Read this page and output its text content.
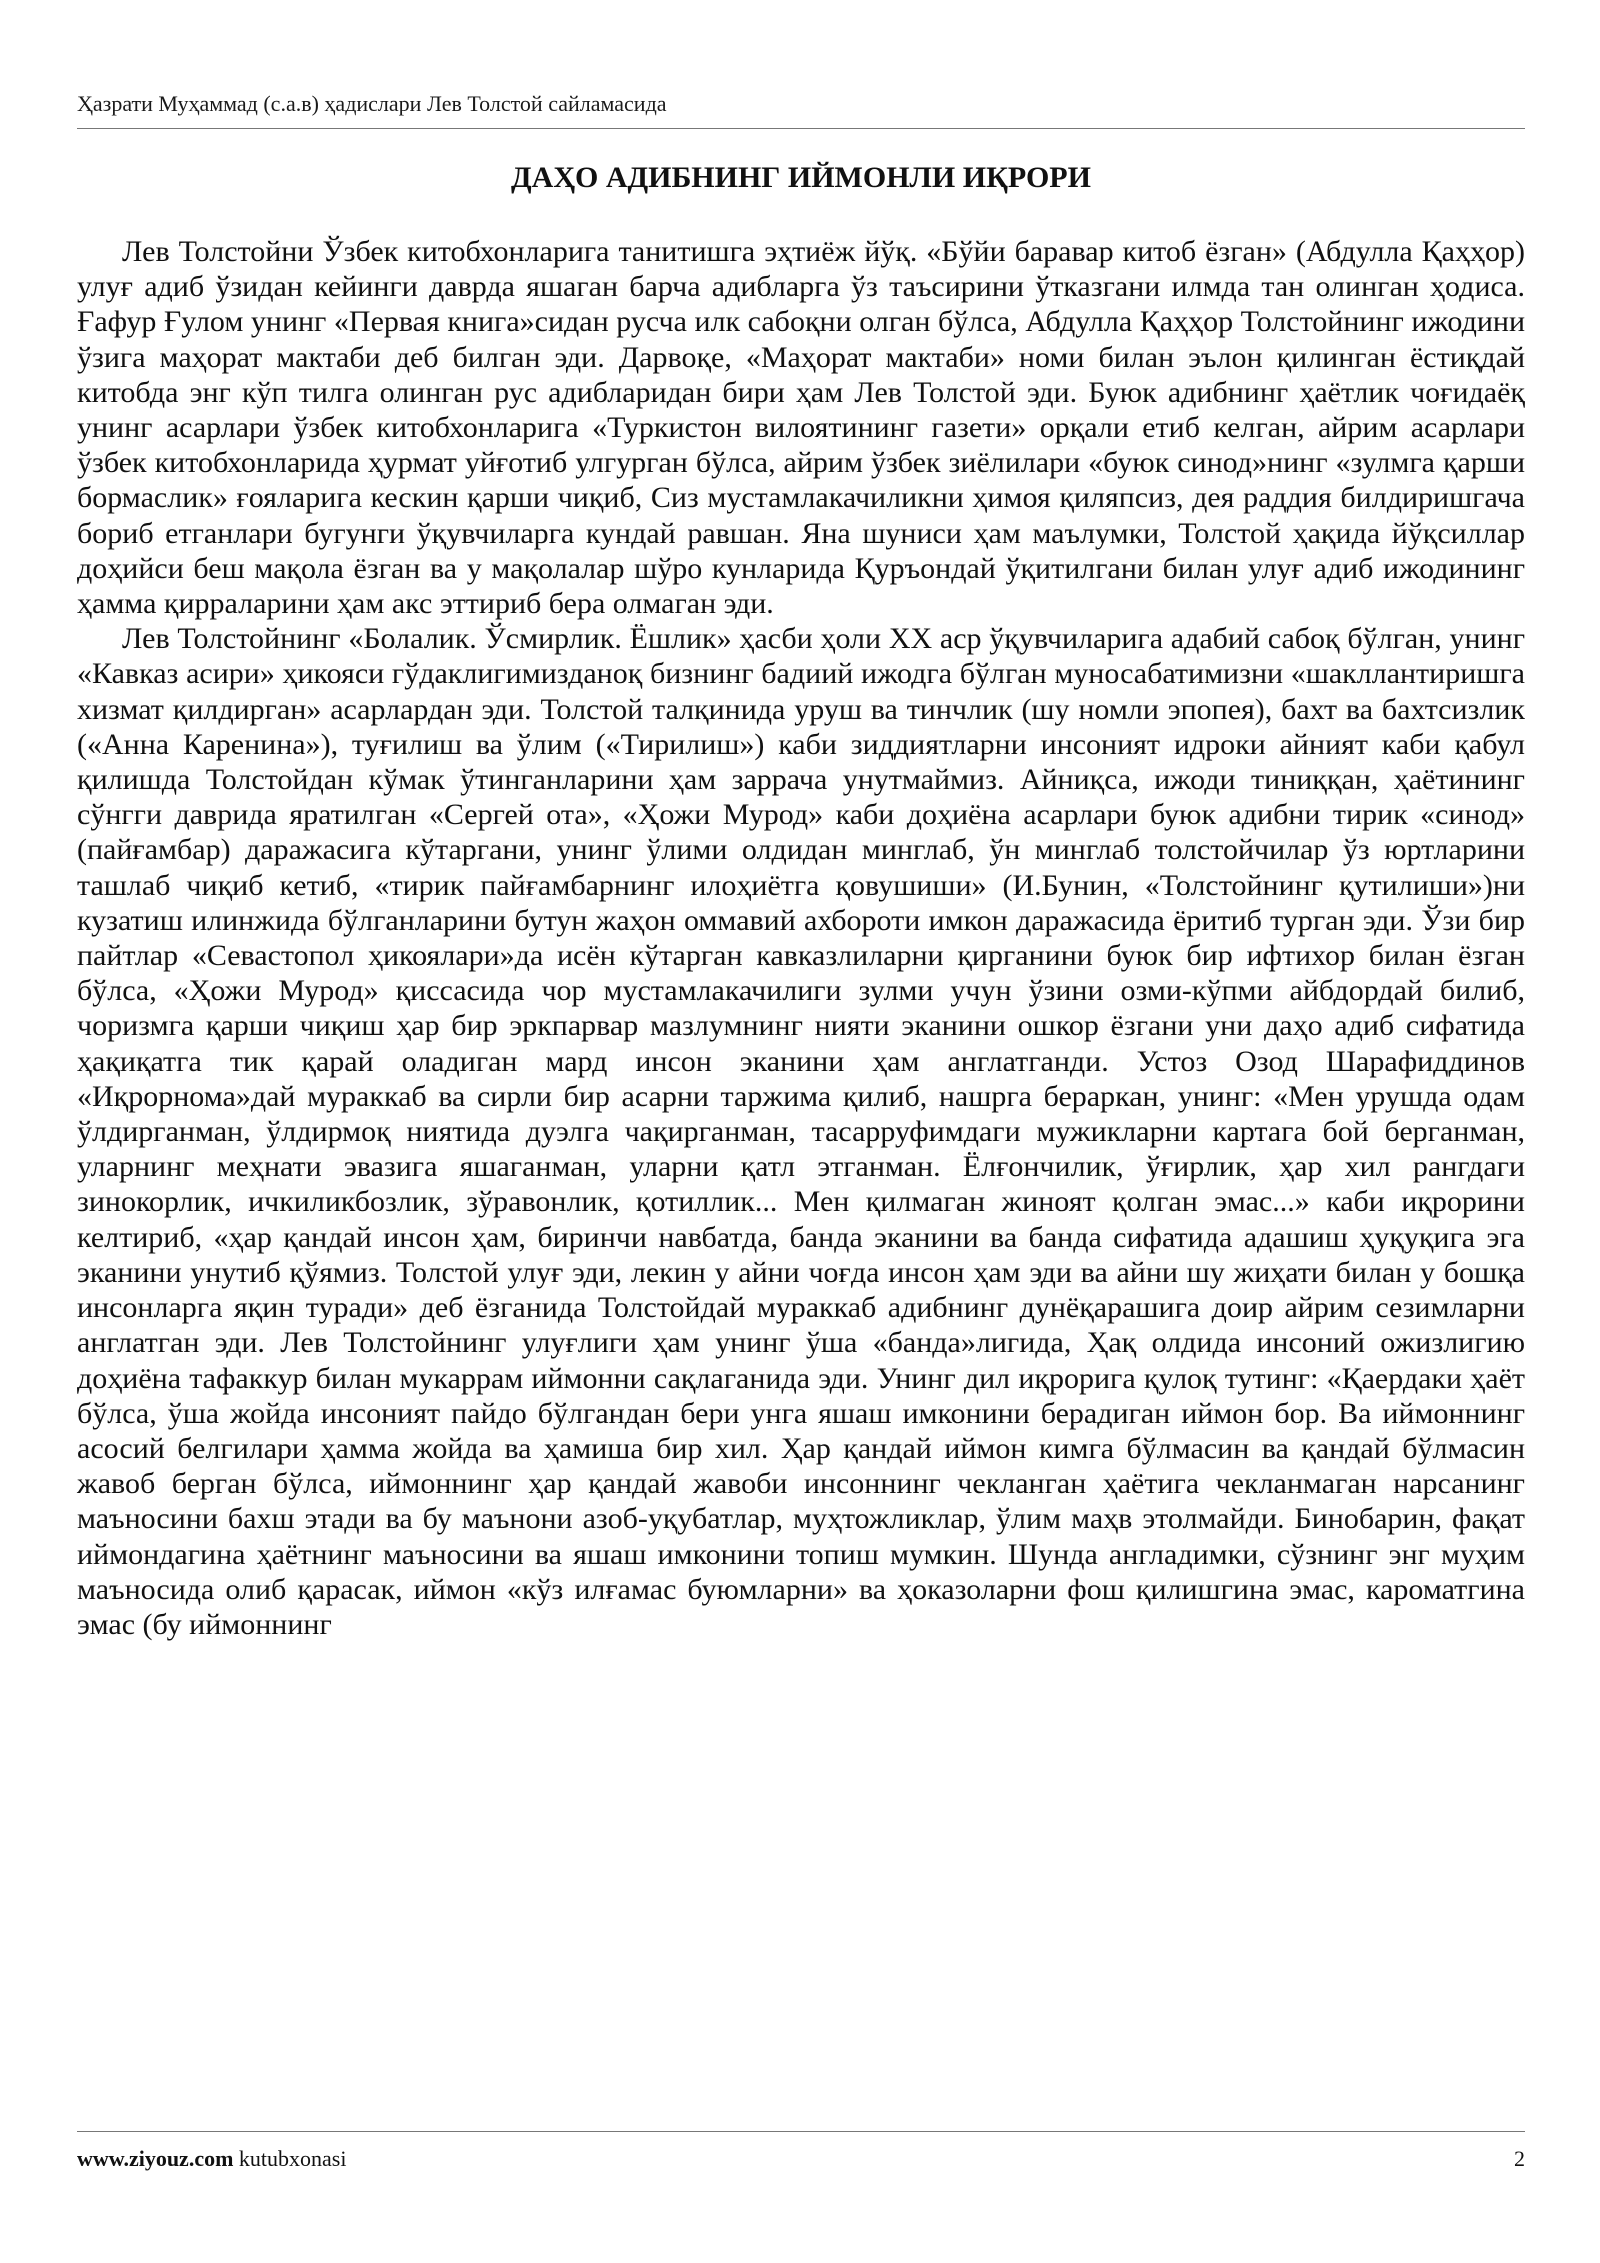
Ҳазрати Муҳаммад (с.а.в) ҳадислари Лев Толстой сайламасида
ДАҲО АДИБНИНГ ИЙМОНЛИ ИҚРОРИ

Лев Толстойни Ўзбек китобхонларига танитишга эҳтиёж йўқ. «Бўйи баравар китоб ёзган» (Абдулла Қаҳҳор) улуғ адиб ўзидан кейинги даврда яшаган барча адибларга ўз таъсирини ўтказгани илмда тан олинган ҳодиса. Ғафур Ғулом унинг «Первая книга»сидан русча илк сабоқни олган бўлса, Абдулла Қаҳҳор Толстойнинг ижодини ўзига маҳорат мактаби деб билган эди. Дарвоқе, «Маҳорат мактаби» номи билан эълон қилинган ёстиқдай китобда энг кўп тилга олинган рус адибларидан бири ҳам Лев Толстой эди. Буюк адибнинг ҳаётлик чоғидаёқ унинг асарлари ўзбек китобхонларига «Туркистон вилоятининг газети» орқали етиб келган, айрим асарлари ўзбек китобхонларида ҳурмат уйғотиб улгурган бўлса, айрим ўзбек зиёлилари «буюк синод»нинг «зулмга қарши бормаслик» ғояларига кескин қарши чиқиб, Сиз мустамлакачиликни ҳимоя қиляпсиз, дея раддия билдиришгача бориб етганлари бугунги ўқувчиларга кундай равшан. Яна шуниси ҳам маълумки, Толстой ҳақида йўқсиллар доҳийси беш мақола ёзган ва у мақолалар шўро кунларида Қуръондай ўқитилгани билан улуғ адиб ижодининг ҳамма қирраларини ҳам акс эттириб бера олмаган эди.

Лев Толстойнинг «Болалик. Ўсмирлик. Ёшлик» ҳасби ҳоли ХХ аср ўқувчиларига адабий сабоқ бўлган, унинг «Кавказ асири» ҳикояси гўдаклигимизданоқ бизнинг бадиий ижодга бўлган муносабатимизни «шакллантиришга хизмат қилдирган» асарлардан эди. Толстой талқинида уруш ва тинчлик (шу номли эпопея), бахт ва бахтсизлик («Анна Каренина»), туғилиш ва ўлим («Тирилиш») каби зиддиятларни инсоният идроки айният каби қабул қилишда Толстойдан кўмак ўтинганларини ҳам заррача унутмаймиз. Айниқса, ижоди тиниққан, ҳаётининг сўнгги даврида яратилган «Сергей ота», «Ҳожи Мурод» каби доҳиёна асарлари буюк адибни тирик «синод» (пайғамбар) даражасига кўтаргани, унинг ўлими олдидан минглаб, ўн минглаб толстойчилар ўз юртларини ташлаб чиқиб кетиб, «тирик пайғамбарнинг илоҳиётга қовушиши» (И.Бунин, «Толстойнинг қутилиши»)ни кузатиш илинжида бўлганларини бутун жаҳон оммавий ахбороти имкон даражасида ёритиб турган эди. Ўзи бир пайтлар «Севастопол ҳикоялари»да исён кўтарган кавказлиларни қирганини буюк бир ифтихор билан ёзган бўлса, «Ҳожи Мурод» қиссасида чор мустамлакачилиги зулми учун ўзини озми-кўпми айбдордай билиб, чоризмга қарши чиқиш ҳар бир эркпарвар мазлумнинг нияти эканини ошкор ёзгани уни даҳо адиб сифатида ҳақиқатга тик қарай оладиган мард инсон эканини ҳам англатганди. Устоз Озод Шарафиддинов «Иқрорнома»дай мураккаб ва сирли бир асарни таржима қилиб, нашрга бераркан, унинг: «Мен урушда одам ўлдирганман, ўлдирмоқ ниятида дуэлга чақирганман, тасарруфимдаги мужикларни картага бой берганман, уларнинг меҳнати эвазига яшаганман, уларни қатл этганман. Ёлғончилик, ўғирлик, ҳар хил рангдаги зинокорлик, ичкиликбозлик, зўравонлик, қотиллик... Мен қилмаган жиноят қолган эмас...» каби иқрорини келтириб, «ҳар қандай инсон ҳам, биринчи навбатда, банда эканини ва банда сифатида адашиш ҳуқуқига эга эканини унутиб қўямиз. Толстой улуғ эди, лекин у айни чоғда инсон ҳам эди ва айни шу жиҳати билан у бошқа инсонларга яқин туради» деб ёзганида Толстойдай мураккаб адибнинг дунёқарашига доир айрим сезимларни англатган эди. Лев Толстойнинг улуғлиги ҳам унинг ўша «банда»лигида, Ҳақ олдида инсоний ожизлигию доҳиёна тафаккур билан мукаррам иймонни сақлаганида эди. Унинг дил иқрорига қулоқ тутинг: «Қаердаки ҳаёт бўлса, ўша жойда инсоният пайдо бўлгандан бери унга яшаш имконини берадиган иймон бор. Ва иймоннинг асосий белгилари ҳамма жойда ва ҳамиша бир хил. Ҳар қандай иймон кимга бўлмасин ва қандай бўлмасин жавоб берган бўлса, иймоннинг ҳар қандай жавоби инсоннинг чекланган ҳаётига чекланмаган нарсанинг маъносини бахш этади ва бу маънони азоб-уқубатлар, муҳтожликлар, ўлим маҳв этолмайди. Бинобарин, фақат иймондагина ҳаётнинг маъносини ва яшаш имконини топиш мумкин. Шунда англадимки, сўзнинг энг муҳим маъносида олиб қарасак, иймон «кўз илғамас буюмларни» ва ҳоказоларни фош қилишгина эмас, кароматгина эмас (бу иймоннинг

www.ziyouz.com kutubxonasi	2
